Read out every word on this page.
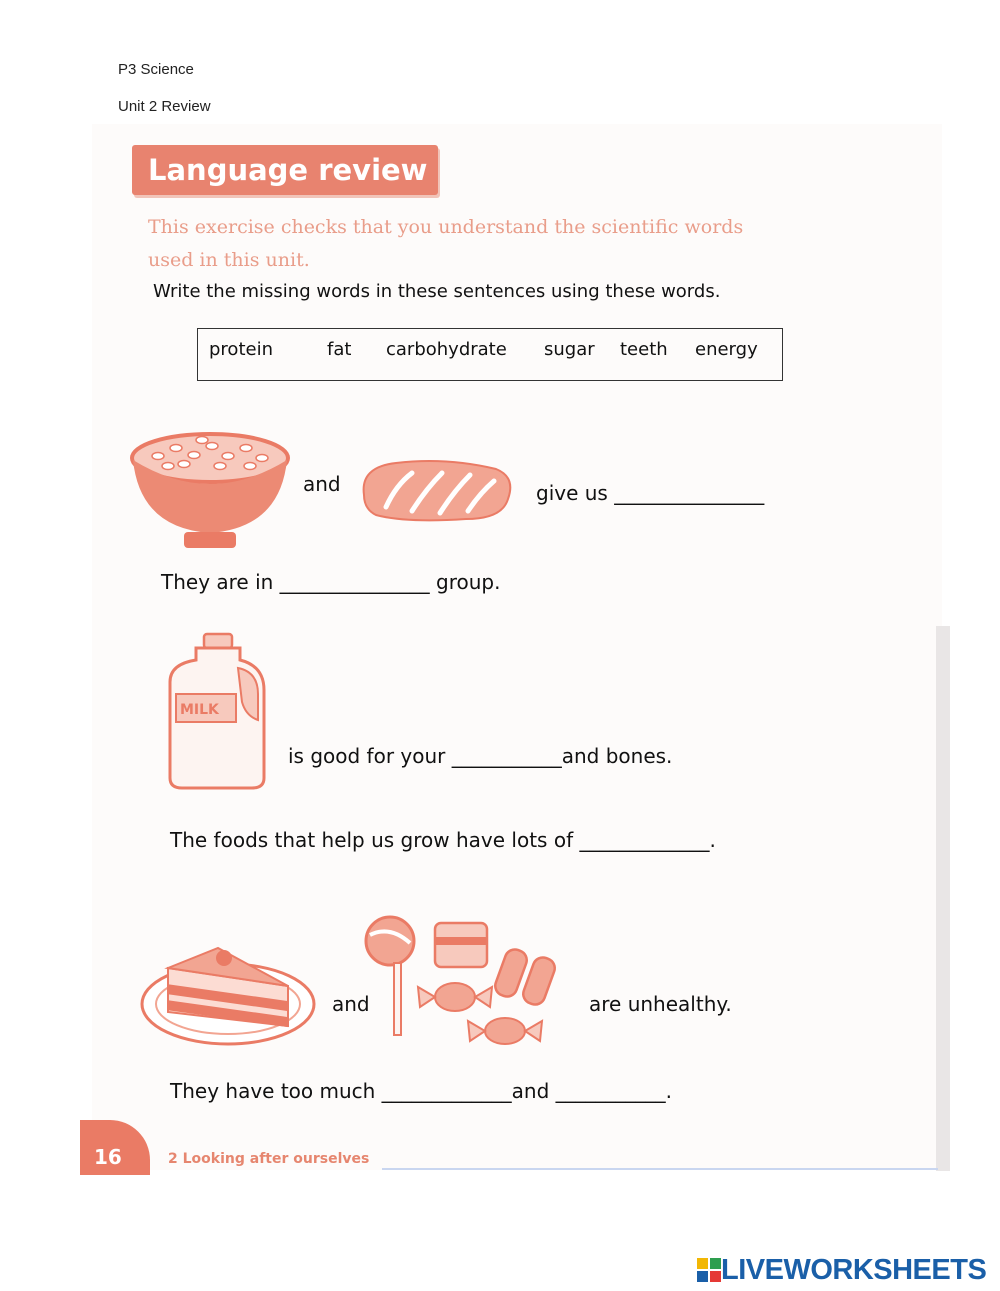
P3 Science
Unit 2 Review
Language review
This exercise checks that you understand the scientific words
used in this unit.
Write the missing words in these sentences using these words.
protein	fat carbohydrate sugar teeth energy
and	give us _______________
They are in _______________ group.
MILK
is good for your ___________and bones.
The foods that help us grow have lots of _____________.
and	are unhealthy.
They have too much _____________and ___________.
16	2 Looking after ourselves
LIVEWORKSHEETS
